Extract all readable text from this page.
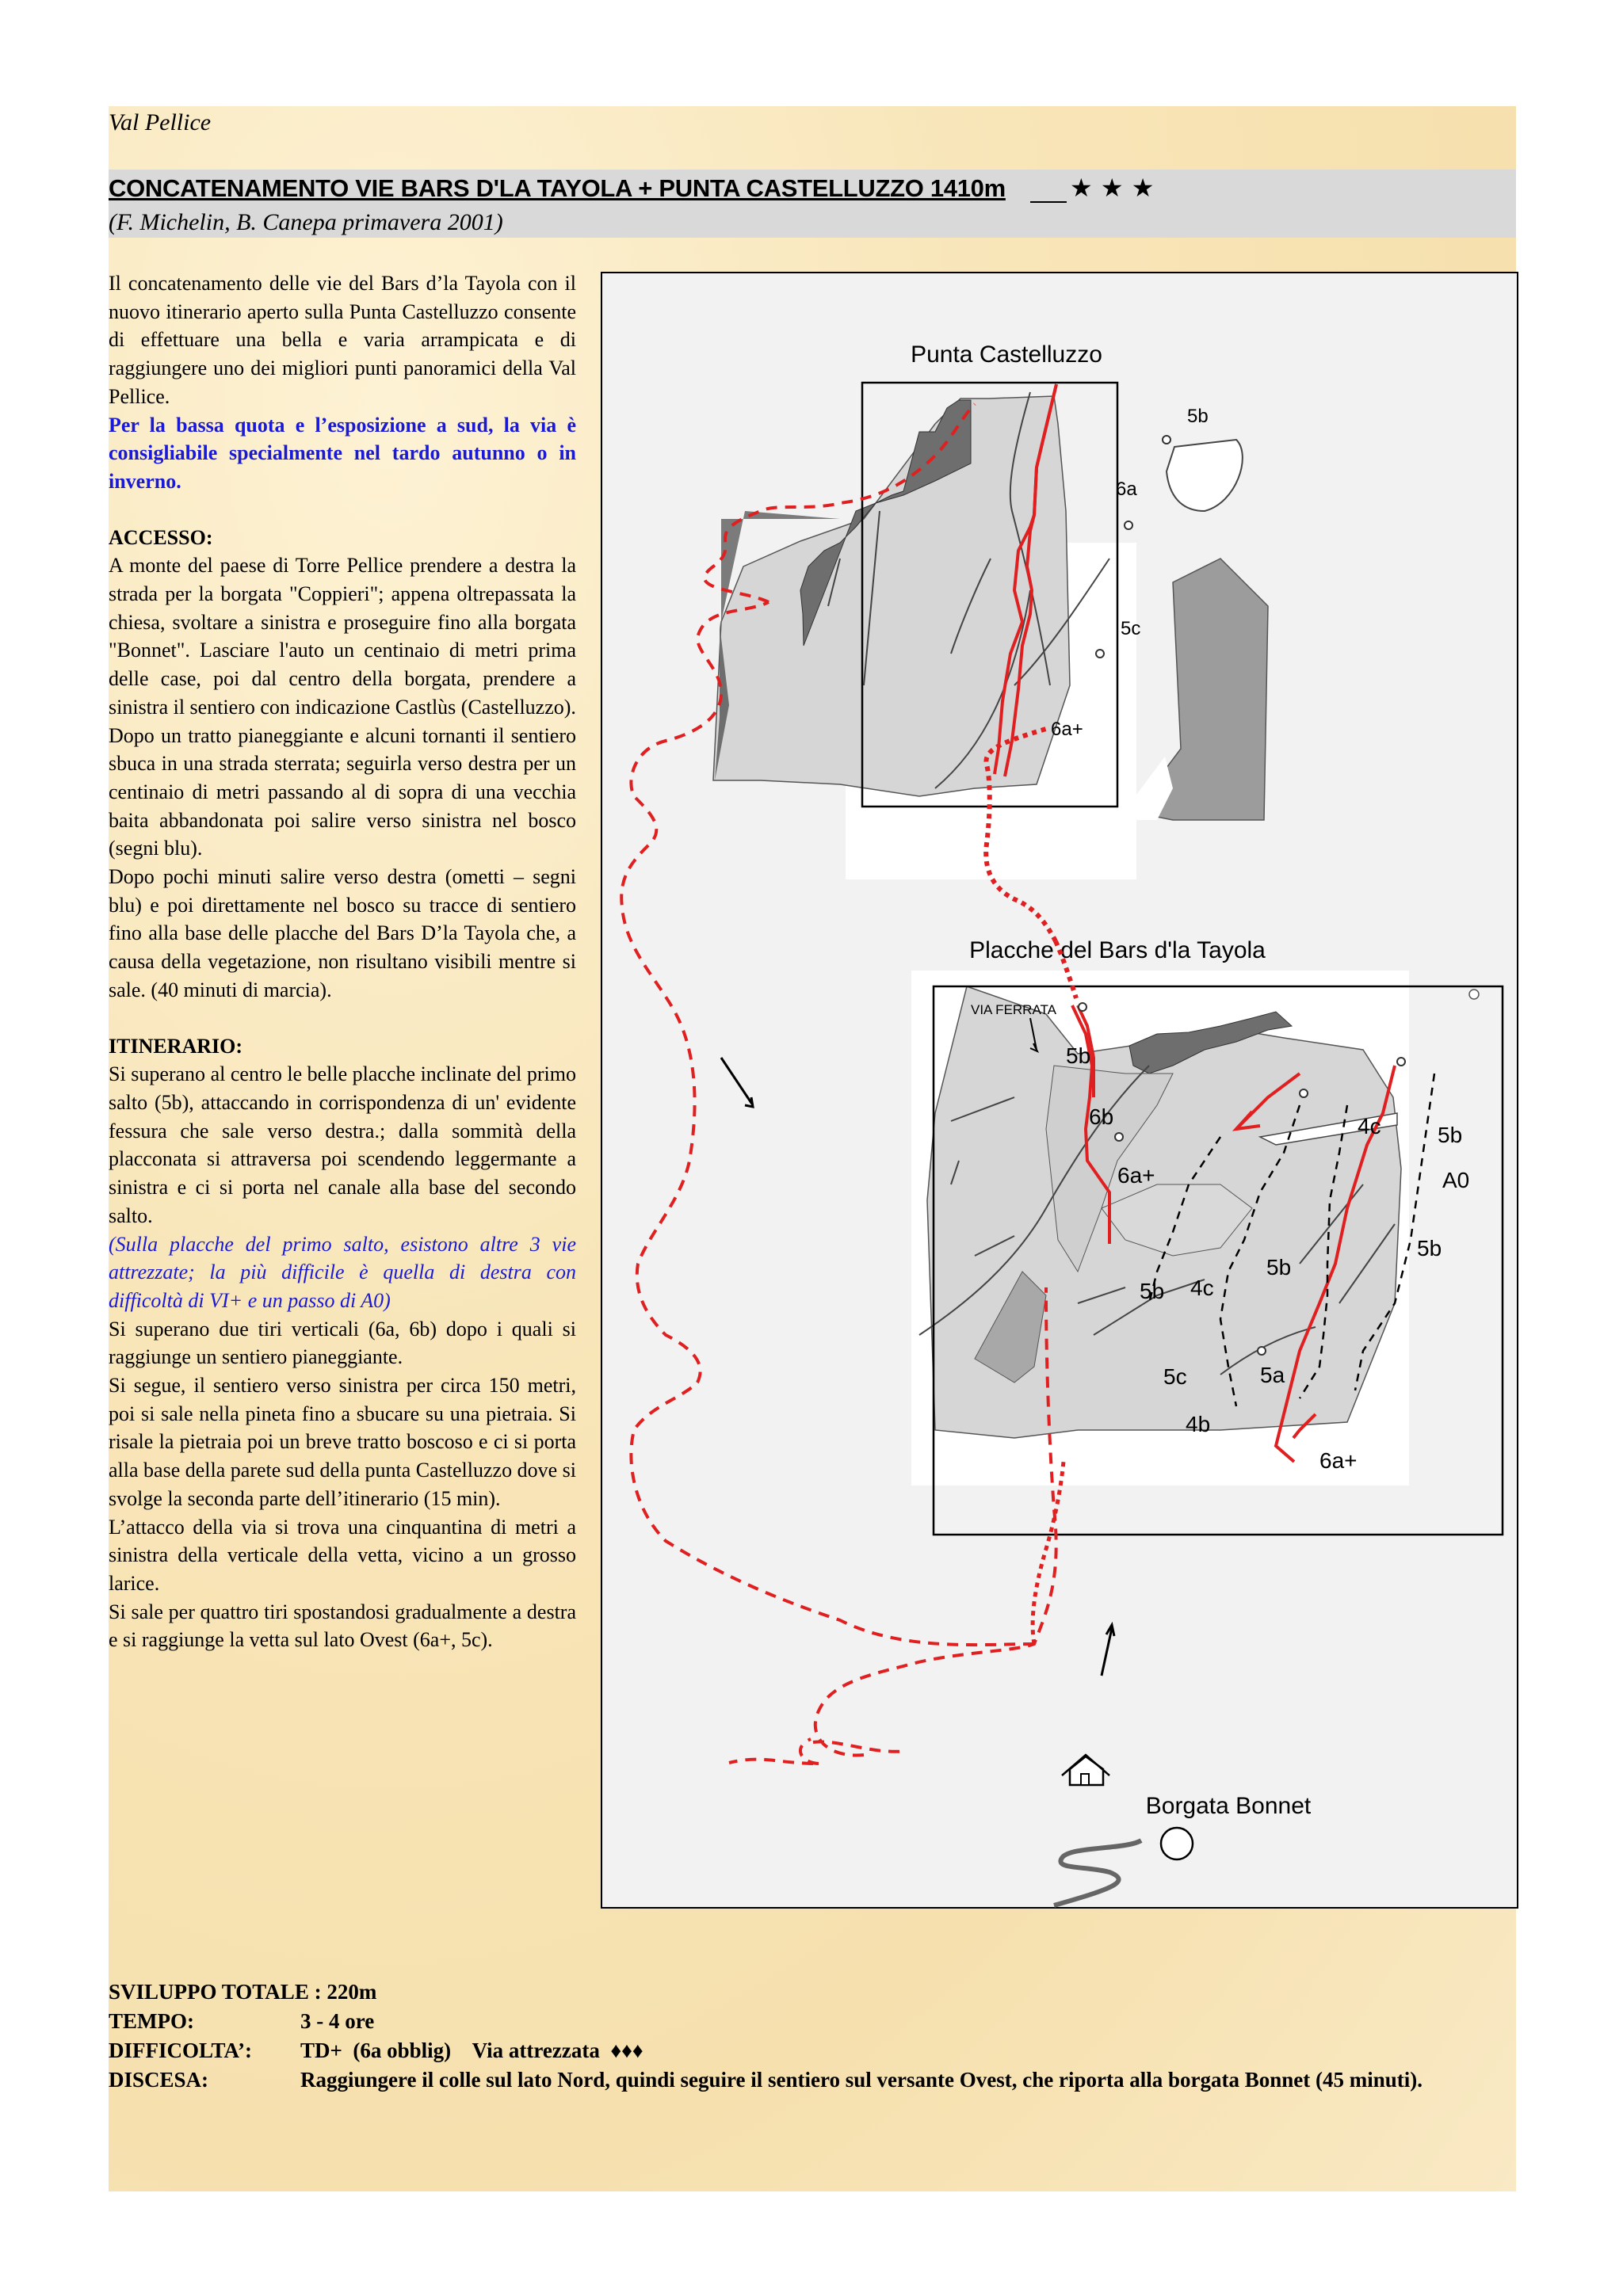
Val Pellice
CONCATENAMENTO VIE BARS D'LA TAYOLA + PUNTA CASTELLUZZO 1410m	★ ★ ★
(F. Michelin, B. Canepa primavera 2001)

Il concatenamento delle vie del Bars d’la Tayola con il nuovo itinerario aperto sulla Punta Castelluzzo consente di effettuare una bella e varia arrampicata e di raggiungere uno dei migliori punti panoramici della Val Pellice.

Per la bassa quota e l’esposizione a sud, la via è consigliabile specialmente nel tardo autunno o in inverno.

ACCESSO:

A monte del paese di Torre Pellice prendere a destra la strada per la borgata "Coppieri"; appena oltrepassata la chiesa, svoltare a sinistra e proseguire fino alla borgata "Bonnet". Lasciare l'auto un centinaio di metri prima delle case, poi dal centro della borgata, prendere a sinistra il sentiero con indicazione Castlùs (Castelluzzo).

Dopo un tratto pianeggiante e alcuni tornanti il sentiero sbuca in una strada sterrata; seguirla verso destra per un centinaio di metri passando al di sopra di una vecchia baita abbandonata poi salire verso sinistra nel bosco (segni blu).

Dopo pochi minuti salire verso destra (ometti – segni blu) e poi direttamente nel bosco su tracce di sentiero fino alla base delle placche del Bars D’la Tayola che, a causa della vegetazione, non risultano visibili mentre si sale. (40 minuti di marcia).

ITINERARIO:

Si superano al centro le belle placche inclinate del primo salto (5b), attaccando in corrispondenza di un' evidente fessura che sale verso destra.; dalla sommità della placconata si attraversa poi scendendo leggermante a sinistra e ci si porta nel canale alla base del secondo salto.

(Sulla placche del primo salto, esistono altre 3 vie attrezzate; la più difficile è quella di destra con difficoltà di VI+ e un passo di A0)

Si superano due tiri verticali (6a, 6b) dopo i quali si raggiunge un sentiero pianeggiante.

Si segue, il sentiero verso sinistra per circa 150 metri, poi si sale nella pineta fino a sbucare su una pietraia. Si risale la pietraia poi un breve tratto boscoso e ci si porta alla base della parete sud della punta Castelluzzo dove si svolge la seconda parte dell’itinerario (15 min).

L’attacco della via si trova una cinquantina di metri a sinistra della verticale della vetta, vicino a un grosso larice.

Si sale per quattro tiri spostandosi gradualmente a destra e si raggiunge la vetta sul lato Ovest (6a+, 5c).

Punta Castelluzzo
5b
6a
5c
6a+
Placche del Bars d'la Tayola
VIA FERRATA
5b
6b
6a+
4c	5b
A0
5b
5b
5b 4c
5c	5a
4b
6a+
Borgata Bonnet
SVILUPPO TOTALE : 220m
TEMPO:	3 - 4 ore
DIFFICOLTA’:	TD+  (6a obblig)    Via attrezzata  ♦♦♦
DISCESA:	Raggiungere il colle sul lato Nord, quindi seguire il sentiero sul versante Ovest, che riporta alla borgata Bonnet (45 minuti).
